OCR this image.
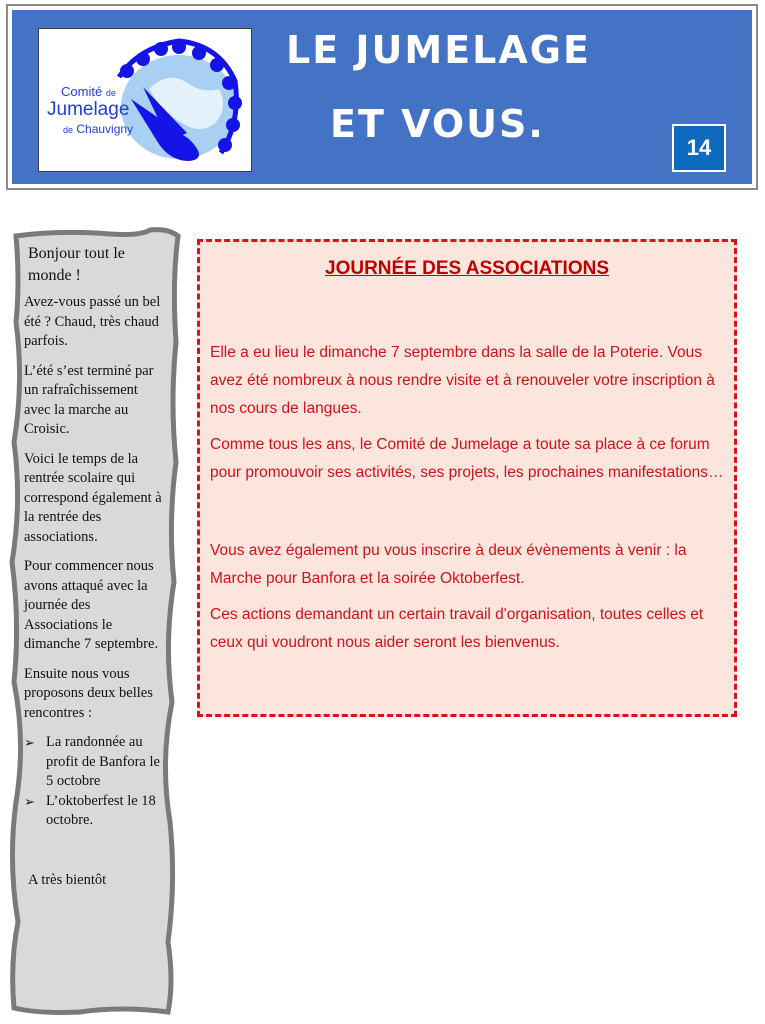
Comité de
Jumelage
de Chauvigny
LE JUMELAGE
ET VOUS.
14

Bonjour tout le monde !

Avez-vous passé un bel été ? Chaud, très chaud parfois.

L’été s’est terminé par un rafraîchissement avec la marche au Croisic.

Voici le temps de la rentrée scolaire qui correspond également à la rentrée des associations.

Pour commencer nous avons attaqué avec la journée des Associations le dimanche 7 septembre.

Ensuite nous vous proposons deux belles rencontres :

➢ La randonnée au profit de Banfora le 5 octobre
➢ L’oktoberfest le 18 octobre.

A très bientôt

JOURNÉE DES ASSOCIATIONS

Elle a eu lieu le dimanche 7 septembre dans la salle de la Poterie. Vous avez été nombreux à nous rendre visite et à renouveler votre inscription à nos cours de langues.

Comme tous les ans, le Comité de Jumelage a toute sa place à ce forum pour promouvoir ses activités, ses projets, les prochaines manifestations…

Vous avez également pu vous inscrire à deux évènements à venir : la Marche pour Banfora et la soirée Oktoberfest.

Ces actions demandant un certain travail d'organisation, toutes celles et ceux qui voudront nous aider seront les bienvenus.
